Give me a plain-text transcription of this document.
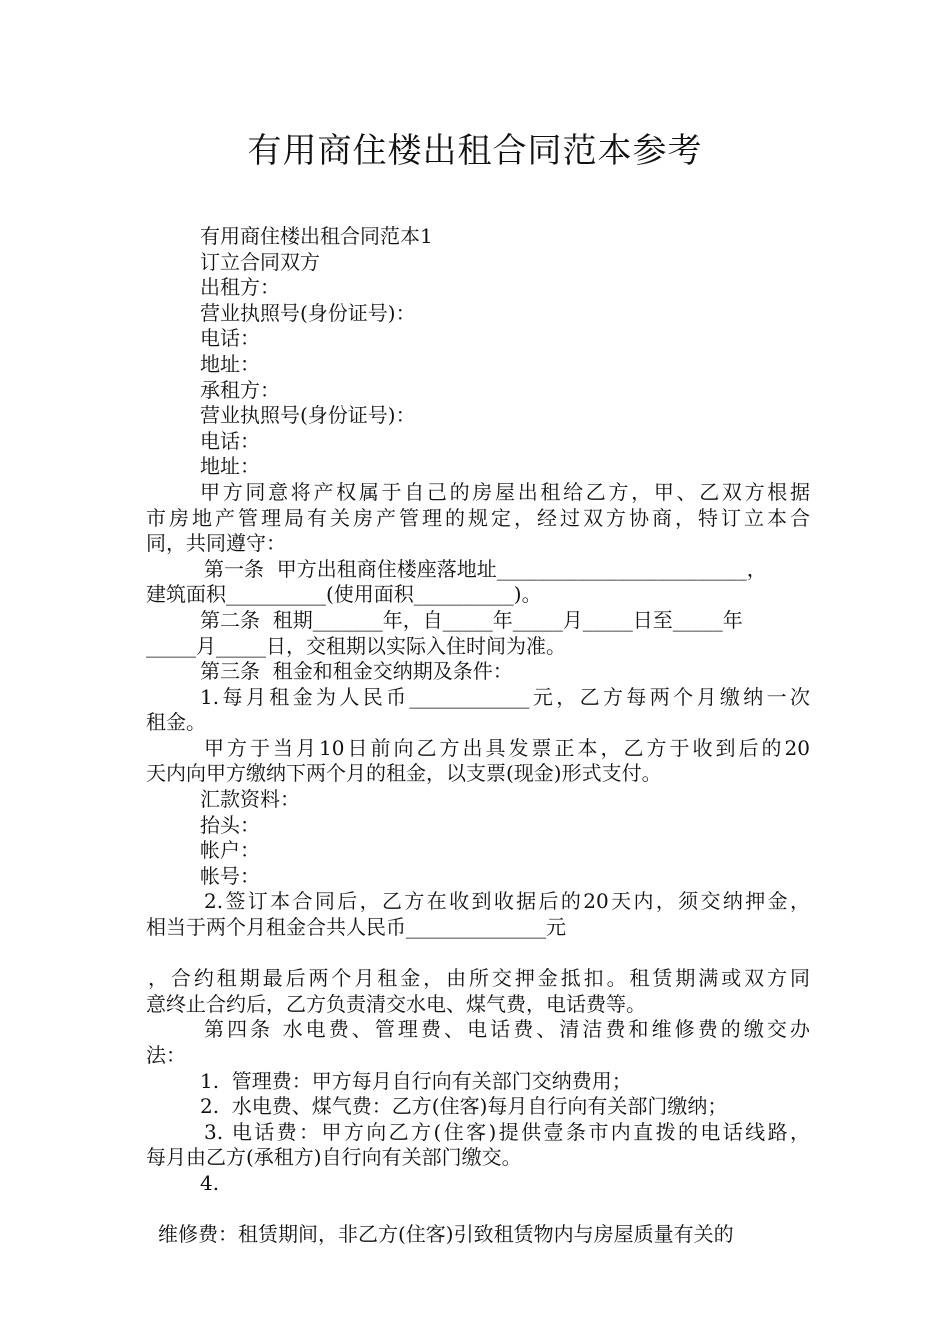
有用商住楼出租合同范本参考
有用商住楼出租合同范本1
订立合同双方
出租方：
营业执照号(身份证号)：
电话：
地址：
承租方：
营业执照号(身份证号)：
电话：
地址：
甲方同意将产权属于自己的房屋出租给乙方，甲、乙双方根据
市房地产管理局有关房产管理的规定，经过双方协商，特订立本合
同，共同遵守：
第一条  甲方出租商住楼座落地址_________________________，
建筑面积__________(使用面积__________)。
第二条  租期_______年，自_____年_____月_____日至_____年
_____月_____日，交租期以实际入住时间为准。
第三条  租金和租金交纳期及条件：
1.每月租金为人民币____________元，乙方每两个月缴纳一次
租金。
甲方于当月10日前向乙方出具发票正本，乙方于收到后的20
天内向甲方缴纳下两个月的租金，以支票(现金)形式支付。
汇款资料：
抬头：
帐户：
帐号：
2.签订本合同后，乙方在收到收据后的20天内，须交纳押金，
相当于两个月租金合共人民币______________元
，合约租期最后两个月租金，由所交押金抵扣。租赁期满或双方同
意终止合约后，乙方负责清交水电、煤气费，电话费等。
第四条 水电费、管理费、电话费、清洁费和维修费的缴交办
法：
1.  管理费：甲方每月自行向有关部门交纳费用；
2.  水电费、煤气费：乙方(住客)每月自行向有关部门缴纳；
3. 电话费：甲方向乙方(住客)提供壹条市内直拨的电话线路，
每月由乙方(承租方)自行向有关部门缴交。
4.
维修费：租赁期间，非乙方(住客)引致租赁物内与房屋质量有关的
